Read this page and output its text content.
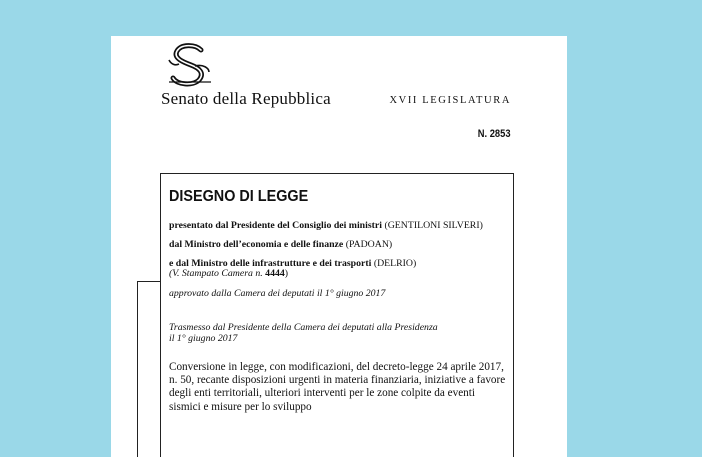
Senato della Repubblica	XVII LEGISLATURA
N. 2853
DISEGNO DI LEGGE
presentato dal Presidente del Consiglio dei ministri (GENTILONI SILVERI)
dal Ministro dell’economia e delle finanze (PADOAN)
e dal Ministro delle infrastrutture e dei trasporti (DELRIO)
(V. Stampato Camera n. 4444)
approvato dalla Camera dei deputati il 1° giugno 2017
Trasmesso dal Presidente della Camera dei deputati alla Presidenza
il 1° giugno 2017
Conversione in legge, con modificazioni, del decreto-legge 24 aprile 2017, n. 50, recante disposizioni urgenti in materia finanziaria, iniziative a favore degli enti territoriali, ulteriori interventi per le zone colpite da eventi sismici e misure per lo sviluppo
